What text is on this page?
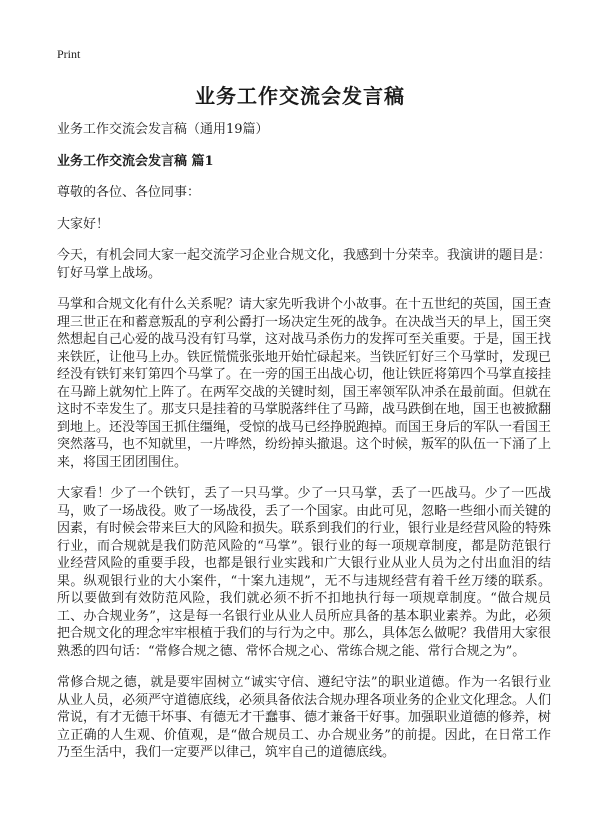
Print
业务工作交流会发言稿

业务工作交流会发言稿（通用19篇）

业务工作交流会发言稿 篇1

尊敬的各位、各位同事：

大家好！

今天，有机会同大家一起交流学习企业合规文化，我感到十分荣幸。我演讲的题目是：钉好马掌上战场。

马掌和合规文化有什么关系呢？请大家先听我讲个小故事。在十五世纪的英国，国王查理三世正在和蓄意叛乱的亨利公爵打一场决定生死的战争。在决战当天的早上，国王突然想起自己心爱的战马没有钉马掌，这对战马杀伤力的发挥可至关重要。于是，国王找来铁匠，让他马上办。铁匠慌慌张张地开始忙碌起来。当铁匠钉好三个马掌时，发现已经没有铁钉来钉第四个马掌了。在一旁的国王出战心切，他让铁匠将第四个马掌直接挂在马蹄上就匆忙上阵了。在两军交战的关键时刻，国王率领军队冲杀在最前面。但就在这时不幸发生了。那支只是挂着的马掌脱落绊住了马蹄，战马跌倒在地，国王也被掀翻到地上。还没等国王抓住缰绳，受惊的战马已经挣脱跑掉。而国王身后的军队一看国王突然落马，也不知就里，一片哗然，纷纷掉头撤退。这个时候，叛军的队伍一下涌了上来，将国王团团围住。

大家看！少了一个铁钉，丢了一只马掌。少了一只马掌，丢了一匹战马。少了一匹战马，败了一场战役。败了一场战役，丢了一个国家。由此可见，忽略一些细小而关键的因素，有时候会带来巨大的风险和损失。联系到我们的行业，银行业是经营风险的特殊行业，而合规就是我们防范风险的“马掌”。银行业的每一项规章制度，都是防范银行业经营风险的重要手段，也都是银行业实践和广大银行业从业人员为之付出血泪的结果。纵观银行业的大小案件，“十案九违规”，无不与违规经营有着千丝万缕的联系。所以要做到有效防范风险，我们就必须不折不扣地执行每一项规章制度。“做合规员工、办合规业务”，这是每一名银行业从业人员所应具备的基本职业素养。为此，必须把合规文化的理念牢牢根植于我们的与行为之中。那么，具体怎么做呢？我借用大家很熟悉的四句话：“常修合规之德、常怀合规之心、常练合规之能、常行合规之为”。

常修合规之德，就是要牢固树立“诚实守信、遵纪守法”的职业道德。作为一名银行业从业人员，必须严守道德底线，必须具备依法合规办理各项业务的企业文化理念。人们常说，有才无德干坏事、有德无才干蠢事、德才兼备干好事。加强职业道德的修养，树立正确的人生观、价值观，是“做合规员工、办合规业务”的前提。因此，在日常工作乃至生活中，我们一定要严以律己，筑牢自己的道德底线。
